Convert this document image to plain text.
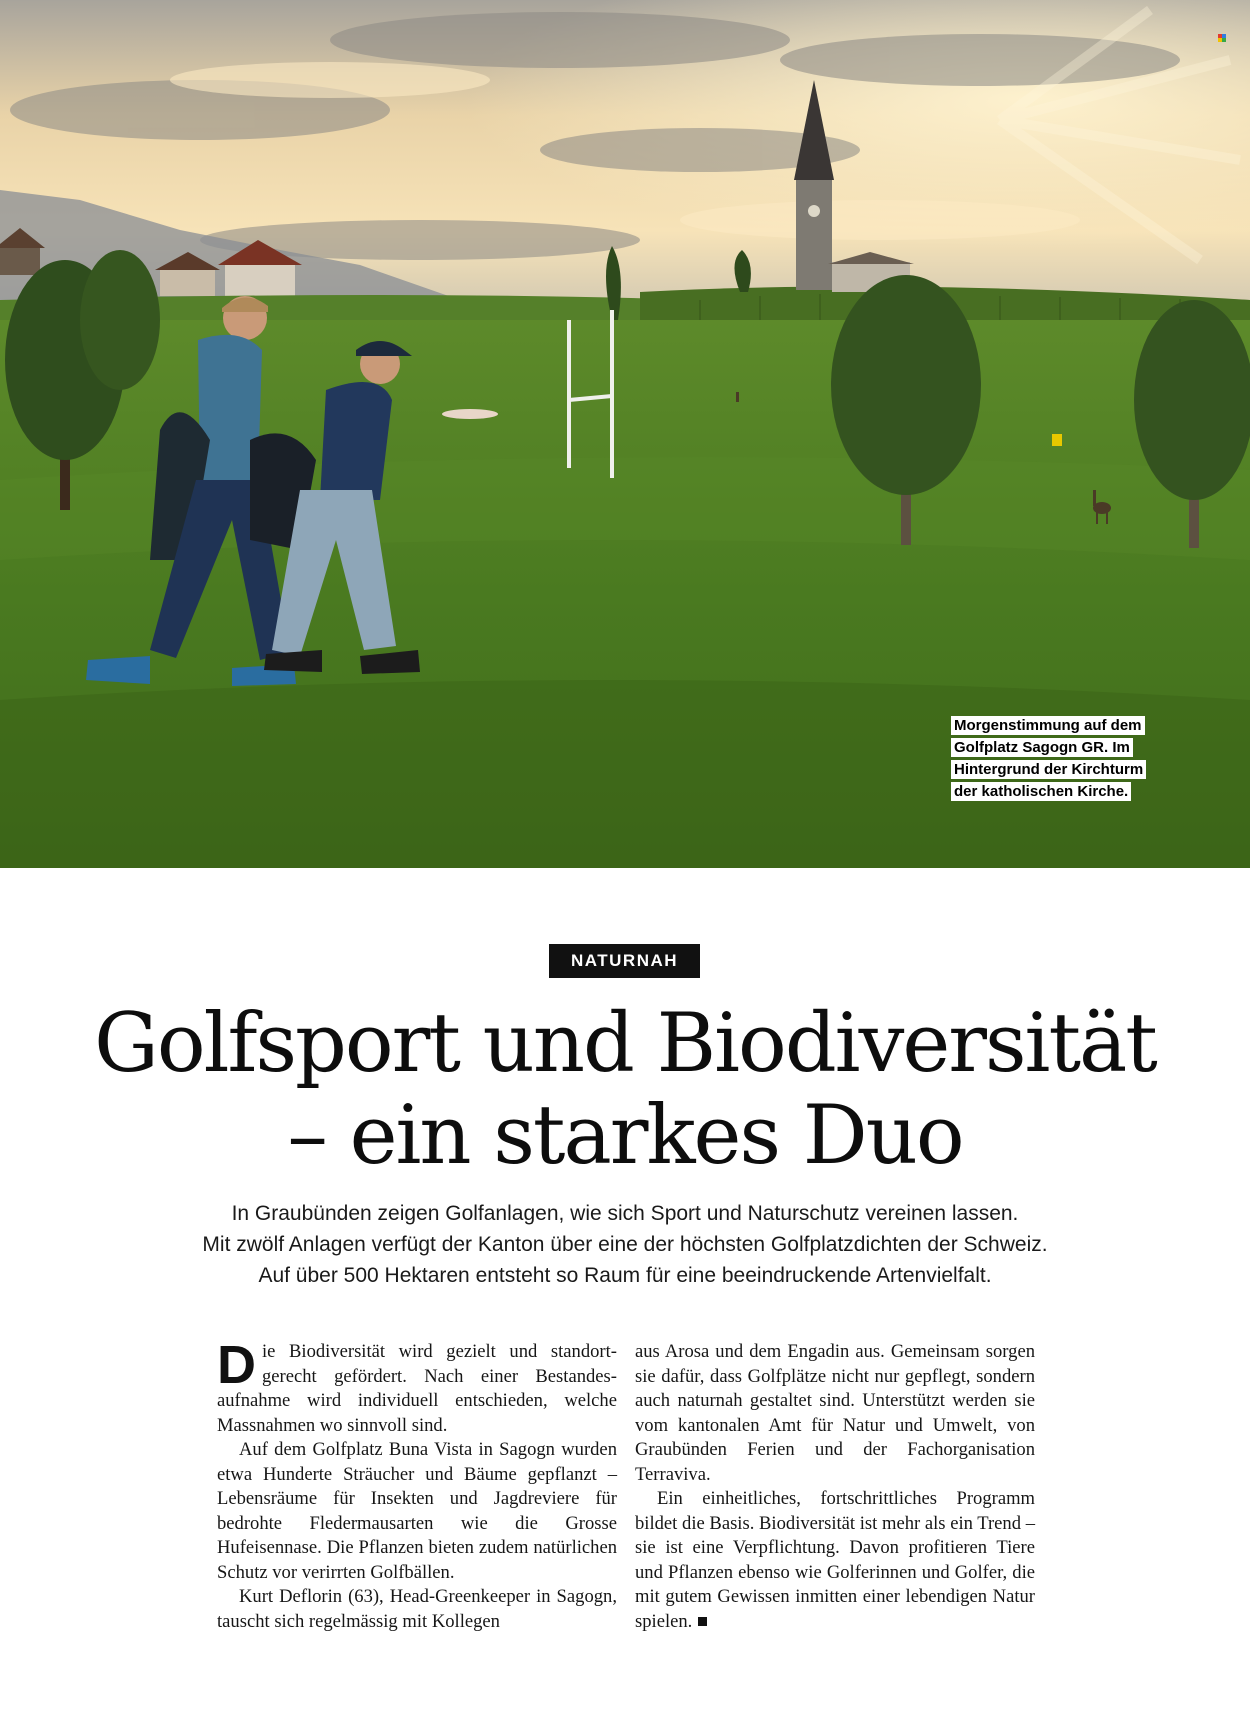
Morgenstimmung auf dem
Golfplatz Sagogn GR. Im
Hintergrund der Kirchturm
der katholischen Kirche.
NATURNAH
Golfsport und Biodiversität
– ein starkes Duo

In Graubünden zeigen Golfanlagen, wie sich Sport und Naturschutz vereinen lassen.
Mit zwölf Anlagen verfügt der Kanton über eine der höchsten Golfplatzdichten der Schweiz.
Auf über 500 Hektaren entsteht so Raum für eine beeindruckende Artenvielfalt.

Die Biodiversität wird gezielt und standortgerecht gefördert. Nach einer Bestandesaufnahme wird individuell entschieden, welche Massnahmen wo sinnvoll sind.

Auf dem Golfplatz Buna Vista in Sagogn wurden etwa Hunderte Sträucher und Bäume gepflanzt – Lebensräume für Insekten und Jagdreviere für bedrohte Fledermausarten wie die Grosse Hufeisennase. Die Pflanzen bieten zudem natürlichen Schutz vor verirrten Golfbällen.

Kurt Deflorin (63), Head-Greenkeeper in Sagogn, tauscht sich regelmässig mit Kollegen

aus Arosa und dem Engadin aus. Gemeinsam sorgen sie dafür, dass Golfplätze nicht nur gepflegt, sondern auch naturnah gestaltet sind. Unterstützt werden sie vom kantonalen Amt für Natur und Umwelt, von Graubünden Ferien und der Fachorganisation Terraviva.

Ein einheitliches, fortschrittliches Programm bildet die Basis. Biodiversität ist mehr als ein Trend – sie ist eine Verpflichtung. Davon profitieren Tiere und Pflanzen ebenso wie Golferinnen und Golfer, die mit gutem Gewissen inmitten einer lebendigen Natur spielen.
